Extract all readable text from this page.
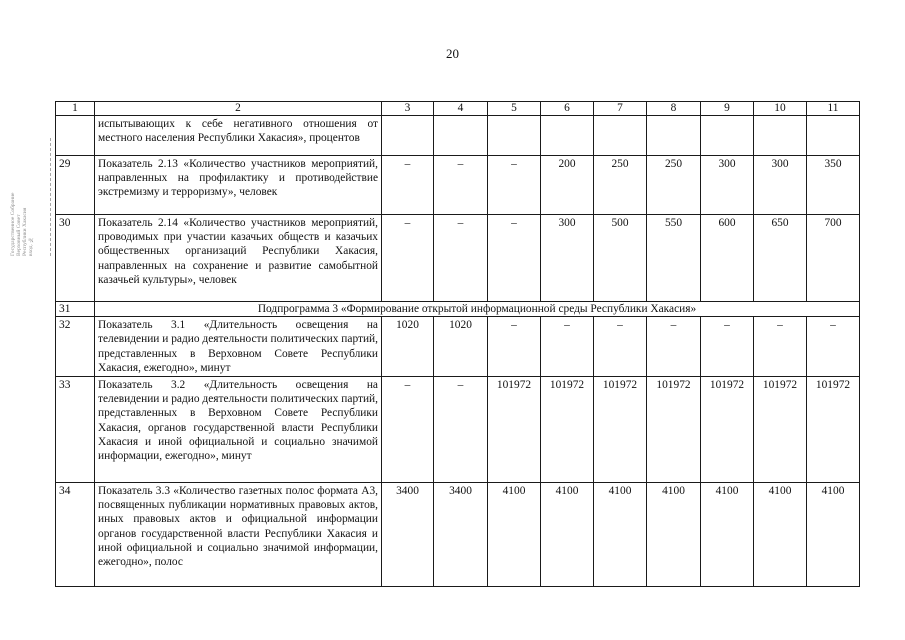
20
Государственное Собрание
Верховный Совет
Республики Хакасия
вход. №
1	2	3	4	5	6	7	8	9	10	11
	испытывающих к себе негативного отношения от местного населения Республики Хакасия», процентов									
29	Показатель 2.13 «Количество участников мероприятий, направленных на профилактику и противодействие экстремизму и терроризму», человек	–	–	–	200	250	250	300	300	350
30	Показатель 2.14 «Количество участников мероприятий, проводимых при участии казачьих обществ и казачьих общественных организаций Республики Хакасия, направленных на сохранение и развитие самобытной казачьей культуры», человек	–	–	–	300	500	550	600	650	700
31	Подпрограмма 3 «Формирование открытой информационной среды Республики Хакасия»									
32	Показатель 3.1 «Длительность освещения на телевидении и радио деятельности политических партий, представленных в Верховном Совете Республики Хакасия, ежегодно», минут	1020	1020	–	–	–	–	–	–	–
33	Показатель 3.2 «Длительность освещения на телевидении и радио деятельности политических партий, представленных в Верховном Совете Республики Хакасия, органов государственной власти Республики Хакасия и иной официальной и социально значимой информации, ежегодно», минут	–	–	101972	101972	101972	101972	101972	101972	101972
34	Показатель 3.3 «Количество газетных полос формата А3, посвященных публикации нормативных правовых актов, иных правовых актов и официальной информации органов государственной власти Республики Хакасия и иной официальной и социально значимой информации, ежегодно», полос	3400	3400	4100	4100	4100	4100	4100	4100	4100
